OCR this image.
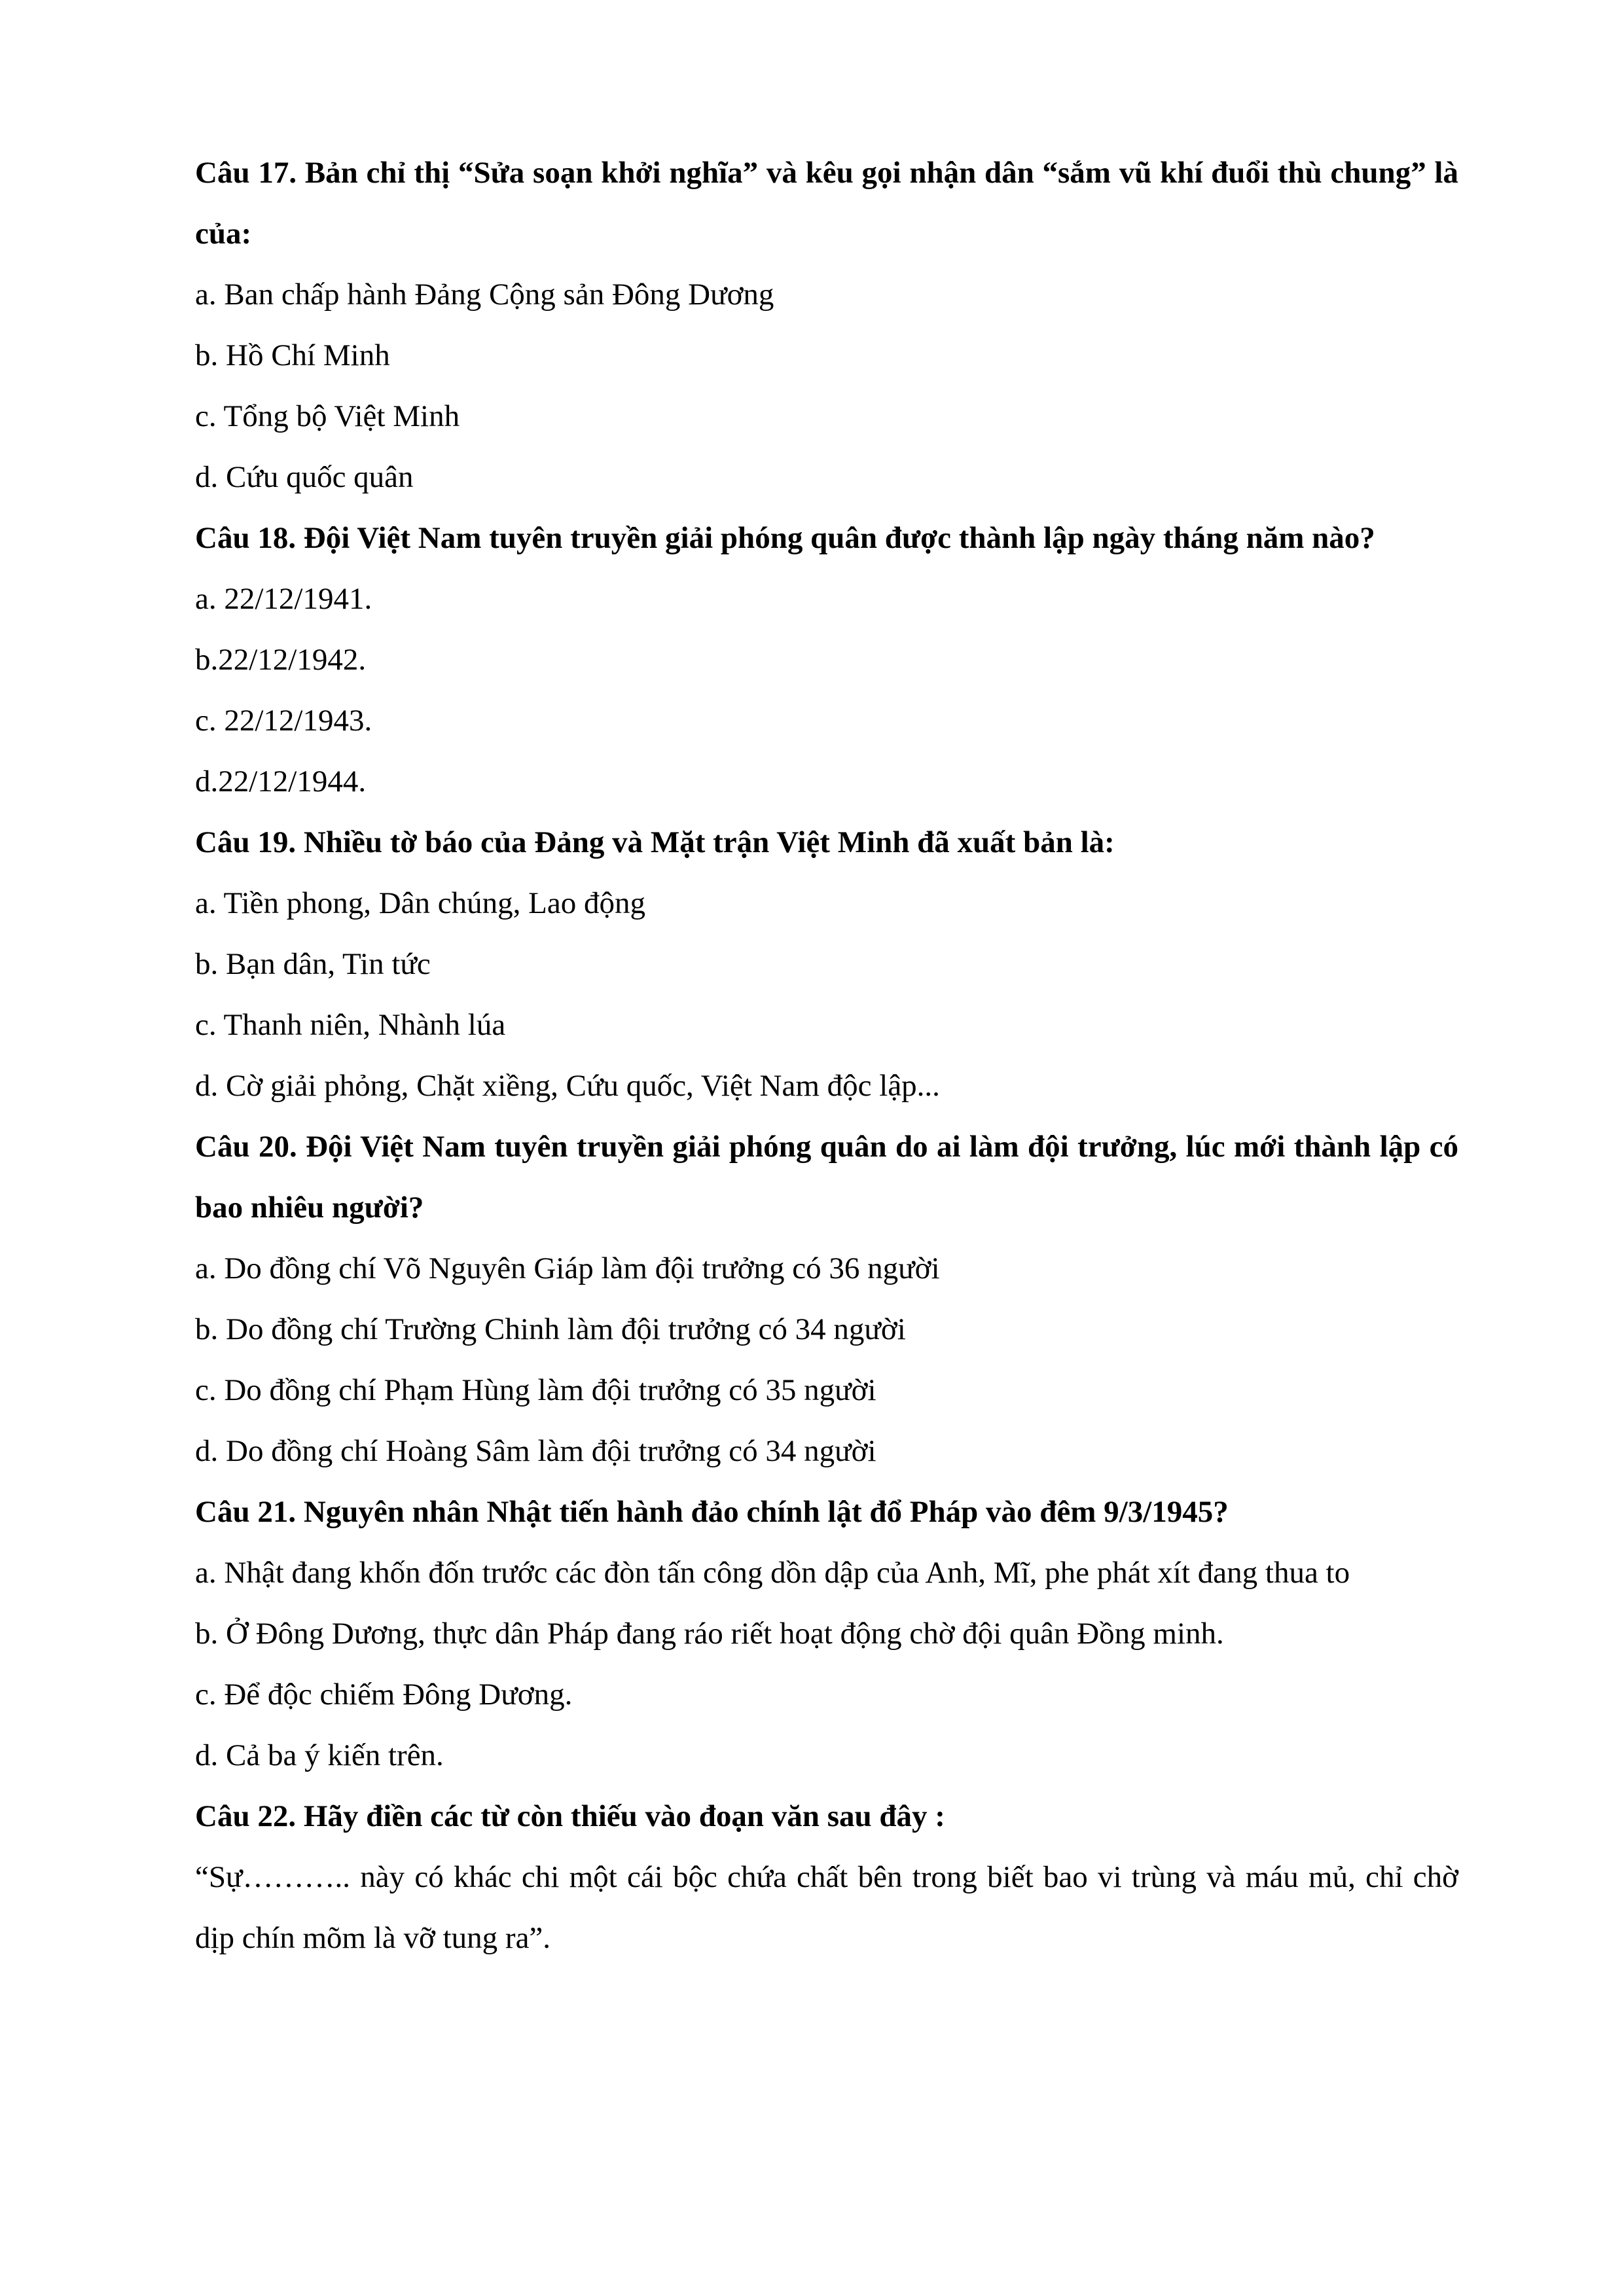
Câu 17. Bản chỉ thị “Sửa soạn khởi nghĩa” và kêu gọi nhận dân “sắm vũ khí đuổi thù chung” là của:
a. Ban chấp hành Đảng Cộng sản Đông Dương
b. Hồ Chí Minh
c. Tổng bộ Việt Minh
d. Cứu quốc quân
Câu 18. Đội Việt Nam tuyên truyền giải phóng quân được thành lập ngày tháng năm nào?
a. 22/12/1941.
b.22/12/1942.
c. 22/12/1943.
d.22/12/1944.
Câu 19. Nhiều tờ báo của Đảng và Mặt trận Việt Minh đã xuất bản là:
a. Tiền phong, Dân chúng, Lao động
b. Bạn dân, Tin tức
c. Thanh niên, Nhành lúa
d. Cờ giải phỏng, Chặt xiềng, Cứu quốc, Việt Nam độc lập...
Câu 20. Đội Việt Nam tuyên truyền giải phóng quân do ai làm đội trưởng, lúc mới thành lập có bao nhiêu người?
a. Do đồng chí Võ Nguyên Giáp làm đội trưởng có 36 người
b. Do đồng chí Trường Chinh làm đội trưởng có 34 người
c. Do đồng chí Phạm Hùng làm đội trưởng có 35 người
d. Do đồng chí Hoàng Sâm làm đội trưởng có 34 người
Câu 21. Nguyên nhân Nhật tiến hành đảo chính lật đổ Pháp vào đêm 9/3/1945?
a. Nhật đang khốn đốn trước các đòn tấn công dồn dập của Anh, Mĩ, phe phát xít đang thua to
b. Ở Đông Dương, thực dân Pháp đang ráo riết hoạt động chờ đội quân Đồng minh.
c. Để độc chiếm Đông Dương.
d. Cả ba ý kiến trên.
Câu 22. Hãy điền các từ còn thiếu vào đoạn văn sau đây :
“Sự……….. này có khác chi một cái bộc chứa chất bên trong biết bao vi trùng và máu mủ, chỉ chờ dịp chín mõm là vỡ tung ra”.
